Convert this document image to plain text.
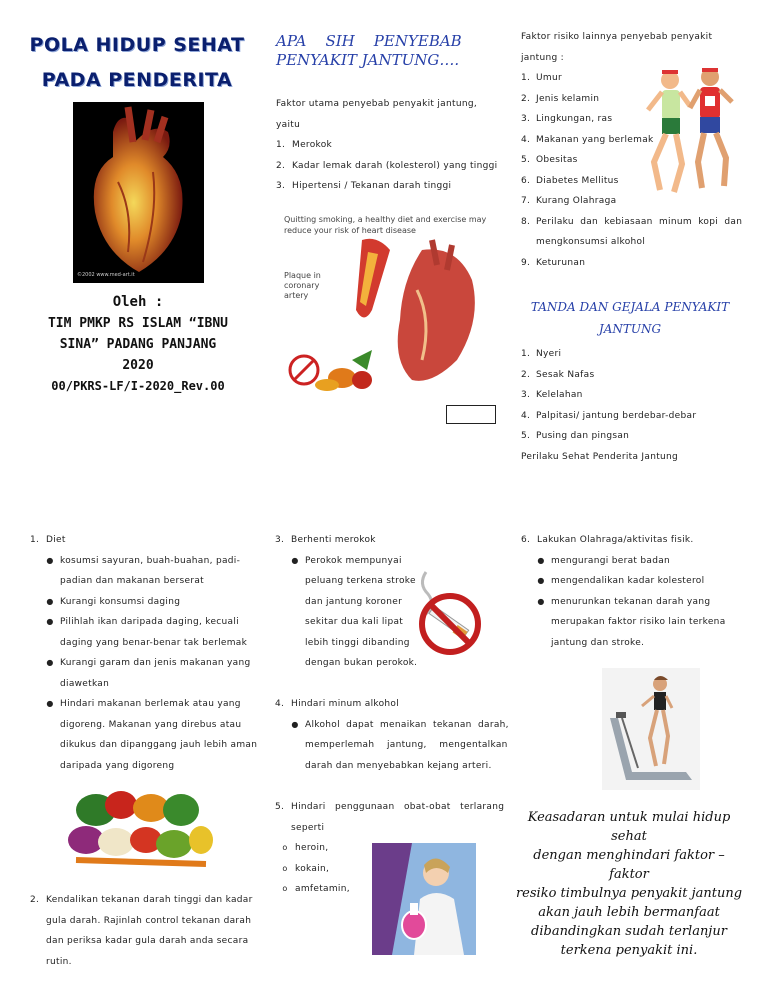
POLA HIDUP SEHAT
PADA PENDERITA
©2002 www.med-art.it
Oleh :
TIM PMKP RS ISLAM “IBNU
SINA” PADANG PANJANG
2020
00/PKRS-LF/I-2020_Rev.00
APA    SIH    PENYEBAB
PENYAKIT JANTUNG….
Faktor utama penyebab penyakit jantung, yaitu
1. Merokok
2. Kadar lemak darah (kolesterol) yang tinggi
3. Hipertensi / Tekanan darah tinggi
Quitting smoking, a healthy diet and exercise may
reduce your risk of heart disease
Plaque in
coronary
artery
Faktor risiko lainnya penyebab penyakit
jantung :
1. Umur
2. Jenis kelamin
3. Lingkungan, ras
4. Makanan yang berlemak
5. Obesitas
6. Diabetes Mellitus
7. Kurang Olahraga
8. Perilaku  dan  kebiasaan  minum  kopi  dan
mengkonsumsi alkohol
9. Keturunan
TANDA DAN GEJALA PENYAKIT
JANTUNG
1. Nyeri
2. Sesak Nafas
3. Kelelahan
4. Palpitasi/ jantung berdebar-debar
5. Pusing dan pingsan
Perilaku Sehat Penderita Jantung
1. Diet
● kosumsi sayuran, buah-buahan, padi-
padian dan makanan berserat
● Kurangi konsumsi daging
● Pilihlah ikan daripada daging, kecuali
daging yang benar-benar tak berlemak
● Kurangi garam dan jenis makanan yang
diawetkan
● Hindari makanan berlemak atau yang
digoreng. Makanan yang direbus atau
dikukus dan dipanggang jauh lebih aman
daripada yang digoreng
2. Kendalikan tekanan darah tinggi dan kadar
gula darah. Rajinlah control tekanan darah
dan periksa kadar gula darah anda secara
rutin.
3. Berhenti merokok
● Perokok mempunyai
peluang terkena stroke
dan jantung koroner
sekitar dua kali lipat
lebih tinggi dibanding
dengan bukan perokok.
4. Hindari minum alkohol
● Alkohol  dapat  menaikan  tekanan  darah,
memperlemah    jantung,    mengentalkan
darah dan menyebabkan kejang arteri.
5. Hindari   penggunaan   obat-obat   terlarang
seperti
o heroin,
o kokain,
o amfetamin,
6. Lakukan Olahraga/aktivitas fisik.
● mengurangi berat badan
● mengendalikan kadar kolesterol
● menurunkan tekanan darah yang
merupakan faktor risiko lain terkena
jantung dan stroke.
Keasadaran untuk mulai hidup sehat
dengan menghindari faktor – faktor
resiko timbulnya penyakit jantung
akan jauh lebih bermanfaat
dibandingkan sudah terlanjur
terkena penyakit ini.
